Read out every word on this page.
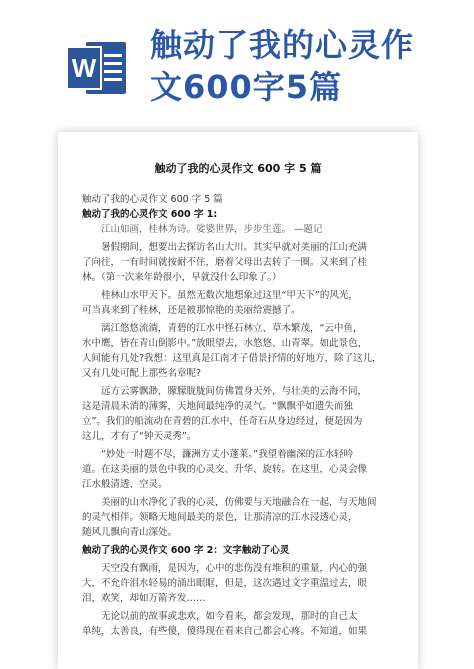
W
触动了我的心灵作
文600字5篇
触动了我的心灵作文 600 字 5 篇
触动了我的心灵作文 600 字 5 篇
触动了我的心灵作文 600 字 1:
江山如画，桂林为诗。娑婆世界，步步生莲。 —题记
暑假期间，想要出去探访名山大川。其实早就对美丽的江山充满
了向往，一有时间就按耐不住，磨着父母出去转了一圈。又来到了桂
林。（第一次来年龄很小，早就没什么印象了。）
桂林山水甲天下。虽然无数次地想象过这里“甲天下”的风光，
可当真来到了桂林，还是被那惊艳的美丽给震撼了。
漓江悠悠流淌，青碧的江水中怪石林立、草木繁茂，“云中鱼，
水中鹰，皆在青山倒影中。”放眼望去，水悠悠、山青翠。如此景色，
人间能有几处?我想：这里真是江南才子借景抒情的好地方，除了这儿，
又有几处可配上那些名章呢?
远方云雾飘渺，朦朦胧胧间仿佛置身天外，与壮美的云海不同，
这是清晨未消的薄雾，天地间最纯净的灵气。“飘飘乎如遗失而独
立”。我们的船流动在青碧的江水中，任奇石从身边经过，便是因为
这儿，才有了“钟天灵秀”。
“妙处一时题不尽，濂洲方丈小蓬莱。”我望着幽深的江水轻吟
道。在这美丽的景色中我的心灵交、升华、旋转。在这里，心灵会像
江水般清透、空灵。
美丽的山水净化了我的心灵，仿佛要与天地融合在一起，与天地间
的灵气相伴。领略天地间最美的景色，让那清凉的江水浸透心灵，
随风儿飘向青山深处。
触动了我的心灵作文 600 字 2：文字触动了心灵
天空没有飘雨，是因为，心中的悲伤没有堆积的重量，内心的强
大，不允许泪水轻易的涌出眼眶，但是，这次遇过文字重温过去，眼
泪，欢笑，却如万箭齐发……
无论以前的故事或悲欢，如今看来，都会发现，那时的自己太
单纯，太善良，有些傻，傻得现在看来自己都会心疼。不知道，如果
